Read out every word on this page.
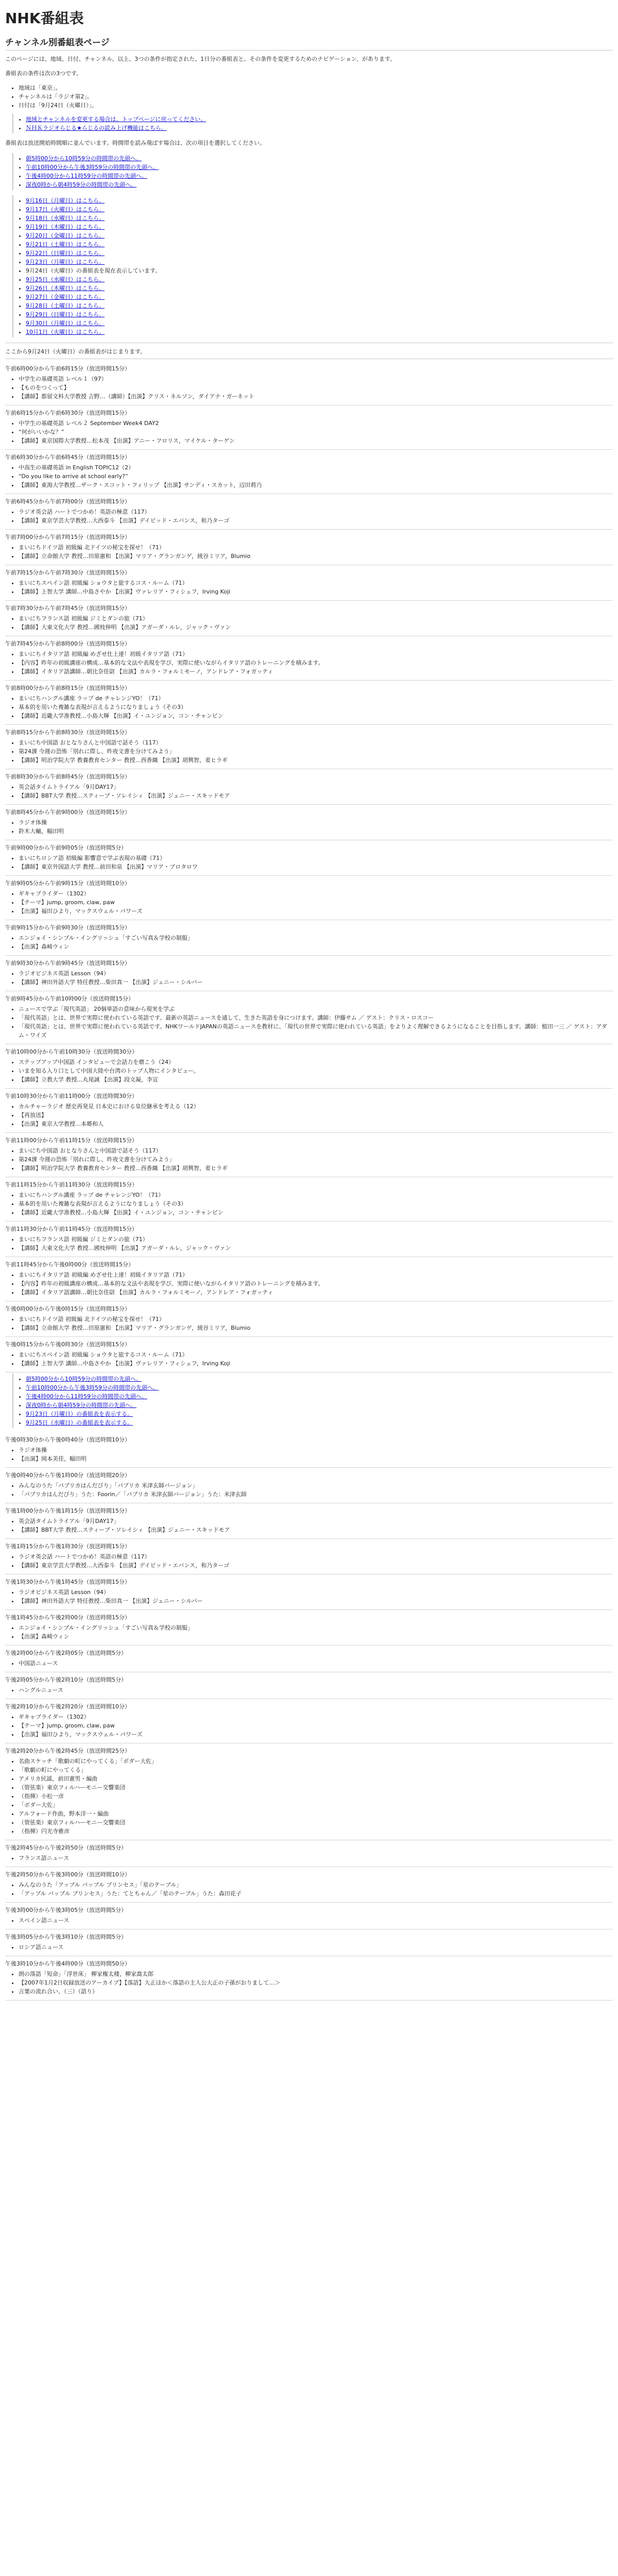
NHK番組表
チャンネル別番組表ページ

このページには、地域、日付、チャンネル、以上、3つの条件が指定された、1日分の番組表と、その条件を変更するためのナビゲーション、があります。

番組表の条件は次の3つです。

• 地域は「東京」。
• チャンネルは「ラジオ第2」。
• 日付は「9月24日（火曜日）」。
• 地域とチャンネルを変更する場合は、トップページに戻ってください。
• ＮＨＫラジオらじる★らじるの読み上げ機能はこちら。

番組表は放送開始時間順に並んでいます。時間帯を読み飛ばす場合は、次の項目を選択してください。

• 朝5時00分から10時59分の時間帯の先頭へ。
• 午前10時00分から午後3時59分の時間帯の先頭へ。
• 午後4時00分から11時59分の時間帯の先頭へ。
• 深夜0時から朝4時59分の時間帯の先頭へ。
• 9月16日（月曜日）はこちら。
• 9月17日（火曜日）はこちら。
• 9月18日（水曜日）はこちら。
• 9月19日（木曜日）はこちら。
• 9月20日（金曜日）はこちら。
• 9月21日（土曜日）はこちら。
• 9月22日（日曜日）はこちら。
• 9月23日（月曜日）はこちら。
• 9月24日（火曜日）の番組表を現在表示しています。
• 9月25日（水曜日）はこちら。
• 9月26日（木曜日）はこちら。
• 9月27日（金曜日）はこちら。
• 9月28日（土曜日）はこちら。
• 9月29日（日曜日）はこちら。
• 9月30日（月曜日）はこちら。
• 10月1日（火曜日）はこちら。
ここから9月24日（火曜日）の番組表がはじまります。
午前6時00分から午前6時15分（放送時間15分）
• 中学生の基礎英語 レベル１（97）
• 【ものをつくって】
• 【講師】都留文科大学教授 吉野…（講師）【出演】クリス・ネルソン，ダイアナ・ガーネット
午前6時15分から午前6時30分（放送時間15分）
• 中学生の基礎英語 レベル２ September Week4 DAY2
• “何がいいかな？”
• 【講師】東京国際大学教授…松本茂 【出演】アニー・フロリス，マイケル・ターゲン
午前6時30分から午前6時45分（放送時間15分）
• 中高生の基礎英語 in English TOPIC12（2）
• “Do you like to arrive at school early?”
• 【講師】東海大学教授…ザーク・スコット・フィリップ 【出演】サンディ・スカット，辺田莉乃
午前6時45分から午前7時00分（放送時間15分）
• ラジオ英会話 ハートでつかめ！英語の極意（117）
• 【講師】東京学芸大学教授…大西泰斗 【出演】デイビッド・エバンス，和乃ターゴ
午前7時00分から午前7時15分（放送時間15分）
• まいにちドイツ語 初級編 北ドイツの秘宝を探せ！（71）
• 【講師】立命館大学 教授…田原憲和 【出演】マリア・グランガンゲ，綾谷ミリア，Blumio
午前7時15分から午前7時30分（放送時間15分）
• まいにちスペイン語 初級編 ショウタと旅するコス・ルーム（71）
• 【講師】上智大学 講師…中島さやか 【出演】ヴァレリア・フィシェフ，Irving Koji
午前7時30分から午前7時45分（放送時間15分）
• まいにちフランス語 初級編 ジミとダンの旅（71）
• 【講師】大東文化大学 教授…國枝伸明 【出演】アガーダ・ルレ，ジャック・ヴァン
午前7時45分から午前8時00分（放送時間15分）
• まいにちイタリア語 初級編 めざせ仕上達！初級イタリア語（71）
• 【内容】昨年の初級講座の構成…基本的な文法や表現を学び、実際に使いながらイタリア語のトレーニングを積みます。
• 【講師】イタリア語講師…朝比奈佳尉 【出演】カルラ・フォルミモーノ，アンドレア・フォガッティ
午前8時00分から午前8時15分（放送時間15分）
• まいにちハングル講座 ラップ de チャレンジYO！（71）
• 基本的を用いた複雑な表現が言えるようになりましょう（その3）
• 【講師】近畿大学准教授…小島大輝 【出演】イ・ユンジョン，コン・チャンビン
午前8時15分から午前8時30分（放送時間15分）
• まいにち中国語 おとなりさんと中国語で話そう（117）
• 第24課 今週の恐怖「別れに際し、昨夜文書を分けてみよう」
• 【講師】明治学院大学 教養教育センター 教授…西香織 【出演】胡興智，姜ヒラギ
午前8時30分から午前8時45分（放送時間15分）
• 英会話タイムトライアル「9月DAY17」
• 【講師】BBT大学 教授…スティーブ・ソレイシィ 【出演】ジェニー・スキッドモア
午前8時45分から午前9時00分（放送時間15分）
• ラジオ体操
• 鈴木大輔，幅田明
午前9時00分から午前9時05分（放送時間5分）
• まいにちロシア語 初級編 影響意で学ぶ表現の基礎（71）
• 【講師】東京外国語大学 教授…前田和泉 【出演】マリア・プロタロワ
午前9時05分から午前9時15分（放送時間10分）
• ギキャプライダー（1302）
• 【テーマ】jump, groom, claw, paw
• 【出演】福田ひより，マックスウェル・パワーズ
午前9時15分から午前9時30分（放送時間15分）
• エンジョイ・シンプル・イングリッシュ「すごい写真＆学校の制服」
• 【出演】森崎ウィン
午前9時30分から午前9時45分（放送時間15分）
• ラジオビジネス英語 Lesson（94）
• 【講師】神田外語大学 特任教授…柴田真一 【出演】ジェニー・シルバー
午前9時45分から午前10時00分（放送時間15分）
• ニュースで学ぶ「現代英語」 20個単語の意味から現実を学ぶ
• 「現代英語」とは、世界で実際に使われている英語です。最新の英語ニュースを通して、生きた英語を身につけます。講師：伊藤サム ／ ゲスト：クリス・ロスコー
• 「現代英語」とは、世界で実際に使われている英語です。NHKワールドJAPANの英語ニュースを教材に、「現代の世界で実際に使われている英語」をよりよく理解できるようになることを目指します。講師：植田一三 ／ ゲスト：アダム・ワイズ
午前10時00分から午前10時30分（放送時間30分）
• ステップアップ中国語 インタビューで会話力を磨こう（24）
• いまを知る入り口として中国大陸や台湾のトップ人物にインタビュー。
• 【講師】立教大学 教授…丸尾誠 【出演】段文凝，李宣
午前10時30分から午前11時00分（放送時間30分）
• カルチャーラジオ 歴史再発見 日本史における皇位継承を考える（12）
• 【再放送】
• 【出演】東京大学教授…本郷和人
午前11時00分から午前11時15分（放送時間15分）
• まいにち中国語 おとなりさんと中国語で話そう（117）
• 第24課 今週の恐怖「別れに際し、昨夜文書を分けてみよう」
• 【講師】明治学院大学 教養教育センター 教授…西香織 【出演】胡興智，姜ヒラギ
午前11時15分から午前11時30分（放送時間15分）
• まいにちハングル講座 ラップ de チャレンジYO！（71）
• 基本的を用いた複雑な表現が言えるようになりましょう（その3）
• 【講師】近畿大学准教授…小島大輝 【出演】イ・ユンジョン，コン・チャンビン
午前11時30分から午前11時45分（放送時間15分）
• まいにちフランス語 初級編 ジミとダンの旅（71）
• 【講師】大東文化大学 教授…國枝伸明 【出演】アガーダ・ルレ，ジャック・ヴァン
午前11時45分から午後0時00分（放送時間15分）
• まいにちイタリア語 初級編 めざせ仕上達！初級イタリア語（71）
• 【内容】昨年の初級講座の構成…基本的な文法や表現を学び、実際に使いながらイタリア語のトレーニングを積みます。
• 【講師】イタリア語講師…朝比奈佳尉 【出演】カルラ・フォルミモーノ，アンドレア・フォガッティ
午後0時00分から午後0時15分（放送時間15分）
• まいにちドイツ語 初級編 北ドイツの秘宝を探せ！（71）
• 【講師】立命館大学 教授…田原憲和 【出演】マリア・グランガンゲ，綾谷ミリア，Blumio
午後0時15分から午後0時30分（放送時間15分）
• まいにちスペイン語 初級編 ショウタと旅するコス・ルーム（71）
• 【講師】上智大学 講師…中島さやか 【出演】ヴァレリア・フィシェフ，Irving Koji
• 朝5時00分から10時59分の時間帯の先頭へ。
• 午前10時00分から午後3時59分の時間帯の先頭へ。
• 午後4時00分から11時59分の時間帯の先頭へ。
• 深夜0時から朝4時59分の時間帯の先頭へ。
• 9月23日（月曜日）の番組表を表示する。
• 9月25日（水曜日）の番組表を表示する。
午後0時30分から午後0時40分（放送時間10分）
• ラジオ体操
• 【出演】岡本美佳，幅田明
午後0時40分から午後1時00分（放送時間20分）
• みんなのうた「パプリカはんだびり」「パプリカ 米津玄師バージョン」
• 「パプリカはんだびり」うた：Foorin／「パプリカ 米津玄師バージョン」うた：米津玄師
午後1時00分から午後1時15分（放送時間15分）
• 英会話タイムトライアル「9月DAY17」
• 【講師】BBT大学 教授…スティーブ・ソレイシィ 【出演】ジェニー・スキッドモア
午後1時15分から午後1時30分（放送時間15分）
• ラジオ英会話 ハートでつかめ！英語の極意（117）
• 【講師】東京学芸大学教授…大西泰斗 【出演】デイビッド・エバンス，和乃ターゴ
午後1時30分から午後1時45分（放送時間15分）
• ラジオビジネス英語 Lesson（94）
• 【講師】神田外語大学 特任教授…柴田真一 【出演】ジェニー・シルバー
午後1時45分から午後2時00分（放送時間15分）
• エンジョイ・シンプル・イングリッシュ「すごい写真＆学校の制服」
• 【出演】森崎ウィン
午後2時00分から午後2時05分（放送時間5分）
• 中国語ニュース
午後2時05分から午後2時10分（放送時間5分）
• ハングルニュース
午後2時10分から午後2時20分（放送時間10分）
• ギキャプライダー（1302）
• 【テーマ】jump, groom, claw, paw
• 【出演】福田ひより，マックスウェル・パワーズ
午後2時20分から午後2時45分（放送時間25分）
• 名曲スケッチ「歌劇の町にやってくる」「ボダー大佐」
• 「歌劇の町にやってくる」
• アメリカ民謡，前田憲男・編曲
• （管弦楽）東京フィルハーモニー交響楽団
• （指揮）小松一彦
• 「ボダー大佐」
• アルフォード作曲，野本洋一・編曲
• （管弦楽）東京フィルハーモニー交響楽団
• （指揮）円光寺雅彦
午後2時45分から午後2時50分（放送時間5分）
• フランス語ニュース
午後2時50分から午後3時00分（放送時間10分）
• みんなのうた「アップル パップル プリンセス」「星のテーブル」
• 「アップル パップル プリンセス」うた：てとちゃん／「星のテーブル」うた：森田花子
午後3時00分から午後3時05分（放送時間5分）
• スペイン語ニュース
午後3時05分から午後3時10分（放送時間5分）
• ロシア語ニュース
午後3時10分から午後4時00分（放送時間50分）
• 朗の落語「短命」「浮世床」 柳家権太楼，柳家喬太郎
• 【2007年1月2日収録放送のアーカイブ】【落語】大正ほか＜落語の主人公大正の子孫がおりまして…＞
• 言葉の流れ合い、（三）（語り）
